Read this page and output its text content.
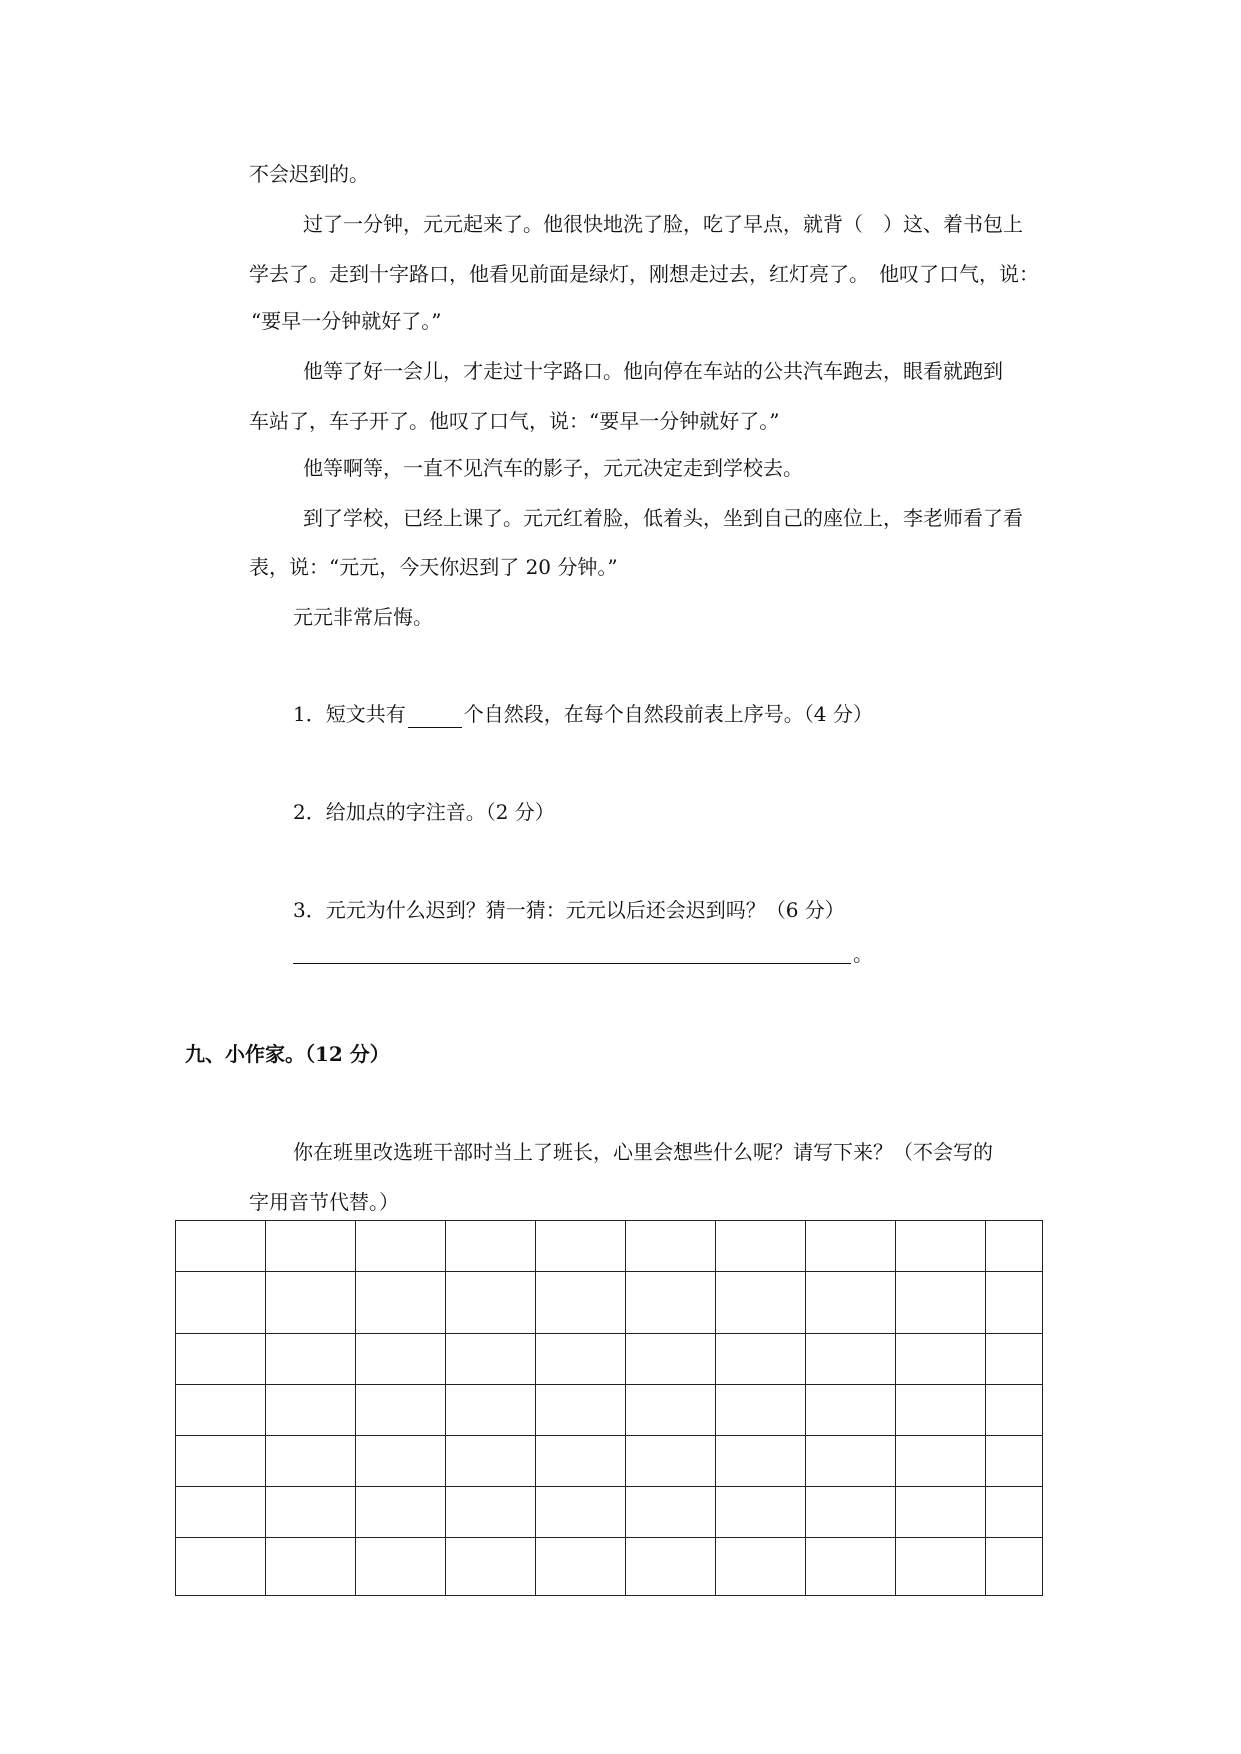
不会迟到的。
过了一分钟，元元起来了。他很快地洗了脸，吃了早点，就背（　）这、着书包上
学去了。走到十字路口，他看见前面是绿灯，刚想走过去，红灯亮了。　他叹了口气，说：
“要早一分钟就好了。”
他等了好一会儿，才走过十字路口。他向停在车站的公共汽车跑去，眼看就跑到
车站了，车子开了。他叹了口气，说：“要早一分钟就好了。”
他等啊等，一直不见汽车的影子，元元决定走到学校去。
到了学校，已经上课了。元元红着脸，低着头，坐到自己的座位上，李老师看了看
表，说：“元元，今天你迟到了 20 分钟。”
元元非常后悔。
1．短文共有	个自然段，在每个自然段前表上序号。（4 分）
2．给加点的字注音。（2 分）
3．元元为什么迟到？猜一猜：元元以后还会迟到吗？（6 分）
。
九、小作家。（12 分）
你在班里改选班干部时当上了班长，心里会想些什么呢？请写下来？（不会写的
字用音节代替。）
